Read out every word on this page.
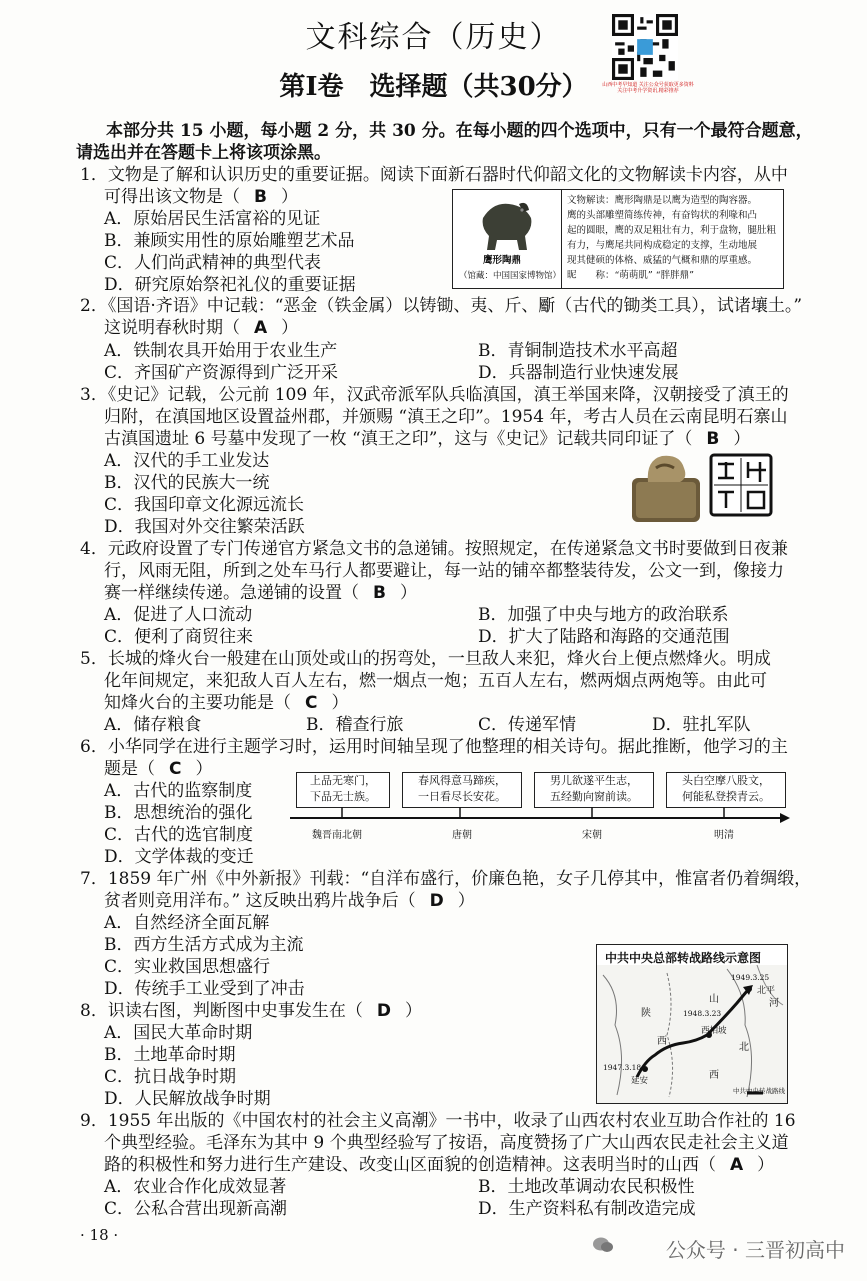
文科综合（历史）
第Ⅰ卷　选择题（共30分）	山西中考早知道 关注公众号获取更多资料 关注中考升学资讯,精彩推荐
本部分共 15 小题，每小题 2 分，共 30 分。在每小题的四个选项中，只有一个最符合题意，
请选出并在答题卡上将该项涂黑。
1．文物是了解和认识历史的重要证据。阅读下面新石器时代仰韶文化的文物解读卡内容，从中
可得出该文物是（ B ）
A．原始居民生活富裕的见证
B．兼顾实用性的原始雕塑艺术品
C．人们尚武精神的典型代表
D．研究原始祭祀礼仪的重要证据
鹰形陶鼎
（馆藏：中国国家博物馆）
文物解读：鹰形陶鼎是以鹰为造型的陶容器。
鹰的头部雕塑简练传神，有奋钩状的利喙和凸
起的圆眼，鹰的双足粗壮有力，利于盘物，腿肚粗
有力，与鹰尾共同构成稳定的支撑，生动地展
现其健硕的体格、威猛的气概和鼎的厚重感。
昵　　称：“萌萌肌” “胖胖鼎”
2．《国语·齐语》中记载：“恶金（铁金属）以铸锄、夷、斤、斸（古代的锄类工具），试诸壤土。”
这说明春秋时期（ A ）
A．铁制农具开始用于农业生产	B．青铜制造技术水平高超
C．齐国矿产资源得到广泛开采	D．兵器制造行业快速发展
3．《史记》记载，公元前 109 年，汉武帝派军队兵临滇国，滇王举国来降，汉朝接受了滇王的
归附，在滇国地区设置益州郡，并颁赐 “滇王之印”。1954 年，考古人员在云南昆明石寨山
古滇国遗址 6 号墓中发现了一枚 “滇王之印”，这与《史记》记载共同印证了（ B ）
A．汉代的手工业发达
B．汉代的民族大一统
C．我国印章文化源远流长
D．我国对外交往繁荣活跃
4．元政府设置了专门传递官方紧急文书的急递铺。按照规定，在传递紧急文书时要做到日夜兼
行，风雨无阻，所到之处车马行人都要避让，每一站的铺卒都整装待发，公文一到，像接力
赛一样继续传递。急递铺的设置（ B ）
A．促进了人口流动	B．加强了中央与地方的政治联系
C．便利了商贸往来	D．扩大了陆路和海路的交通范围
5．长城的烽火台一般建在山顶处或山的拐弯处，一旦敌人来犯，烽火台上便点燃烽火。明成
化年间规定，来犯敌人百人左右，燃一烟点一炮；五百人左右，燃两烟点两炮等。由此可
知烽火台的主要功能是（ C ）
A．储存粮食	B．稽查行旅	C．传递军情	D．驻扎军队
6．小华同学在进行主题学习时，运用时间轴呈现了他整理的相关诗句。据此推断，他学习的主
题是（ C ）
A．古代的监察制度
B．思想统治的强化
C．古代的选官制度
D．文学体裁的变迁
上品无寒门，
下品无士族。
春风得意马蹄疾，
一日看尽长安花。
男儿欲遂平生志，
五经勤向窗前读。
头白空摩八股文，
何能私登揆青云。
魏晋南北朝	唐朝	宋朝	明清
7．1859 年广州《中外新报》刊载：“自洋布盛行，价廉色艳，女子几停其中，惟富者仍着绸缎，
贫者则竞用洋布。” 这反映出鸦片战争后（ D ）
A．自然经济全面瓦解
B．西方生活方式成为主流
C．实业救国思想盛行
D．传统手工业受到了冲击
8．识读右图，判断图中史事发生在（ D ）
A．国民大革命时期
B．土地革命时期
C．抗日战争时期
D．人民解放战争时期
中共中央总部转战路线示意图
北平
山	河
陕
西柏坡
北
西
延安	西
1947.3.18
1948.3.23
1949.3.25
中共中央转战路线
9．1955 年出版的《中国农村的社会主义高潮》一书中，收录了山西农村农业互助合作社的 16
个典型经验。毛泽东为其中 9 个典型经验写了按语，高度赞扬了广大山西农民走社会主义道
路的积极性和努力进行生产建设、改变山区面貌的创造精神。这表明当时的山西（ A ）
A．农业合作化成效显著	B．土地改革调动农民积极性
C．公私合营出现新高潮	D．生产资料私有制改造完成
· 18 ·
公众号 · 三晋初高中
